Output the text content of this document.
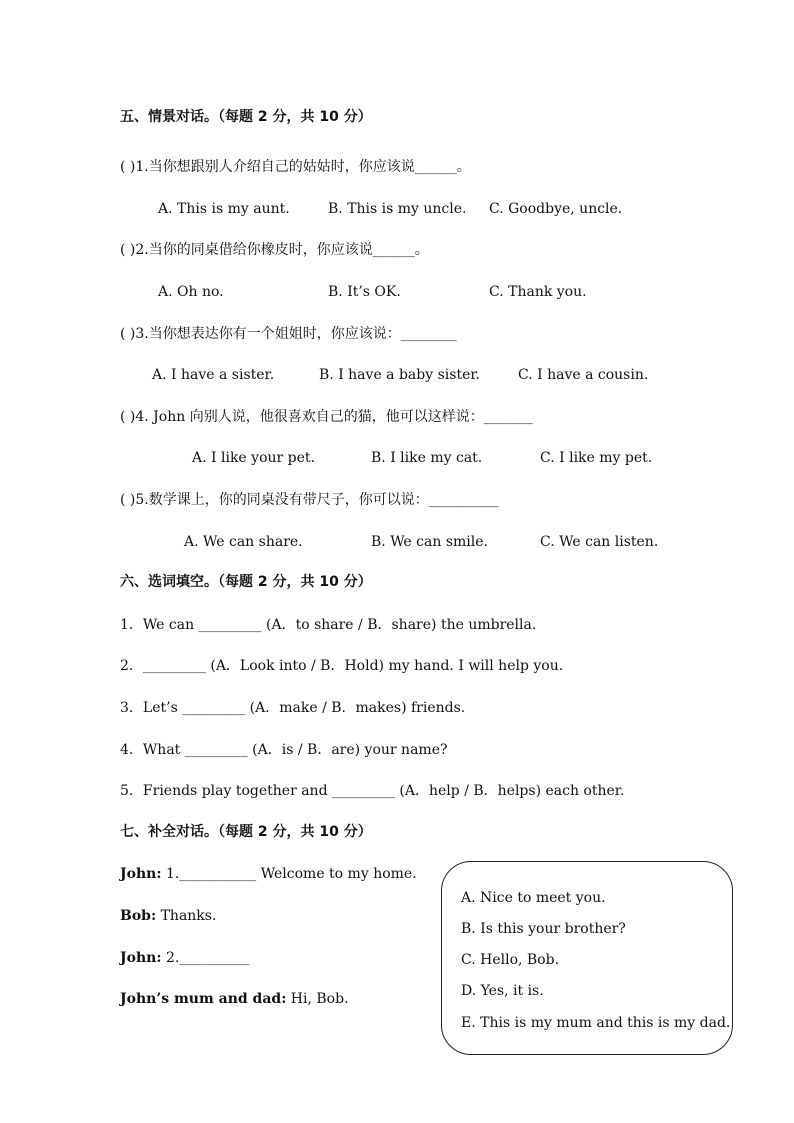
五、情景对话。（每题 2 分，共 10 分）
( )1.当你想跟别人介绍自己的姑姑时，你应该说______。
A. This is my aunt.	B. This is my uncle. C. Goodbye, uncle.
( )2.当你的同桌借给你橡皮时，你应该说______。
A. Oh no.	B. It’s OK.	C. Thank you.
( )3.当你想表达你有一个姐姐时，你应该说：________
A. I have a sister.	B. I have a baby sister.	C. I have a cousin.
( )4. John 向别人说，他很喜欢自己的猫，他可以这样说：_______
A. I like your pet.	B. I like my cat.	C. I like my pet.
( )5.数学课上，你的同桌没有带尺子，你可以说：__________
A. We can share.	B. We can smile.	C. We can listen.
六、选词填空。（每题 2 分，共 10 分）
1．We can _________ (A．to share / B．share) the umbrella.
2．_________ (A．Look into / B．Hold) my hand. I will help you.
3．Let’s _________ (A．make / B．makes) friends.
4．What _________ (A．is / B．are) your name?
5．Friends play together and _________ (A．help / B．helps) each other.
七、补全对话。（每题 2 分，共 10 分）
John: 1.___________ Welcome to my home.
Bob: Thanks.
John: 2.__________
John’s mum and dad: Hi, Bob.
A. Nice to meet you.
B. Is this your brother?
C. Hello, Bob.
D. Yes, it is.
E. This is my mum and this is my dad.
